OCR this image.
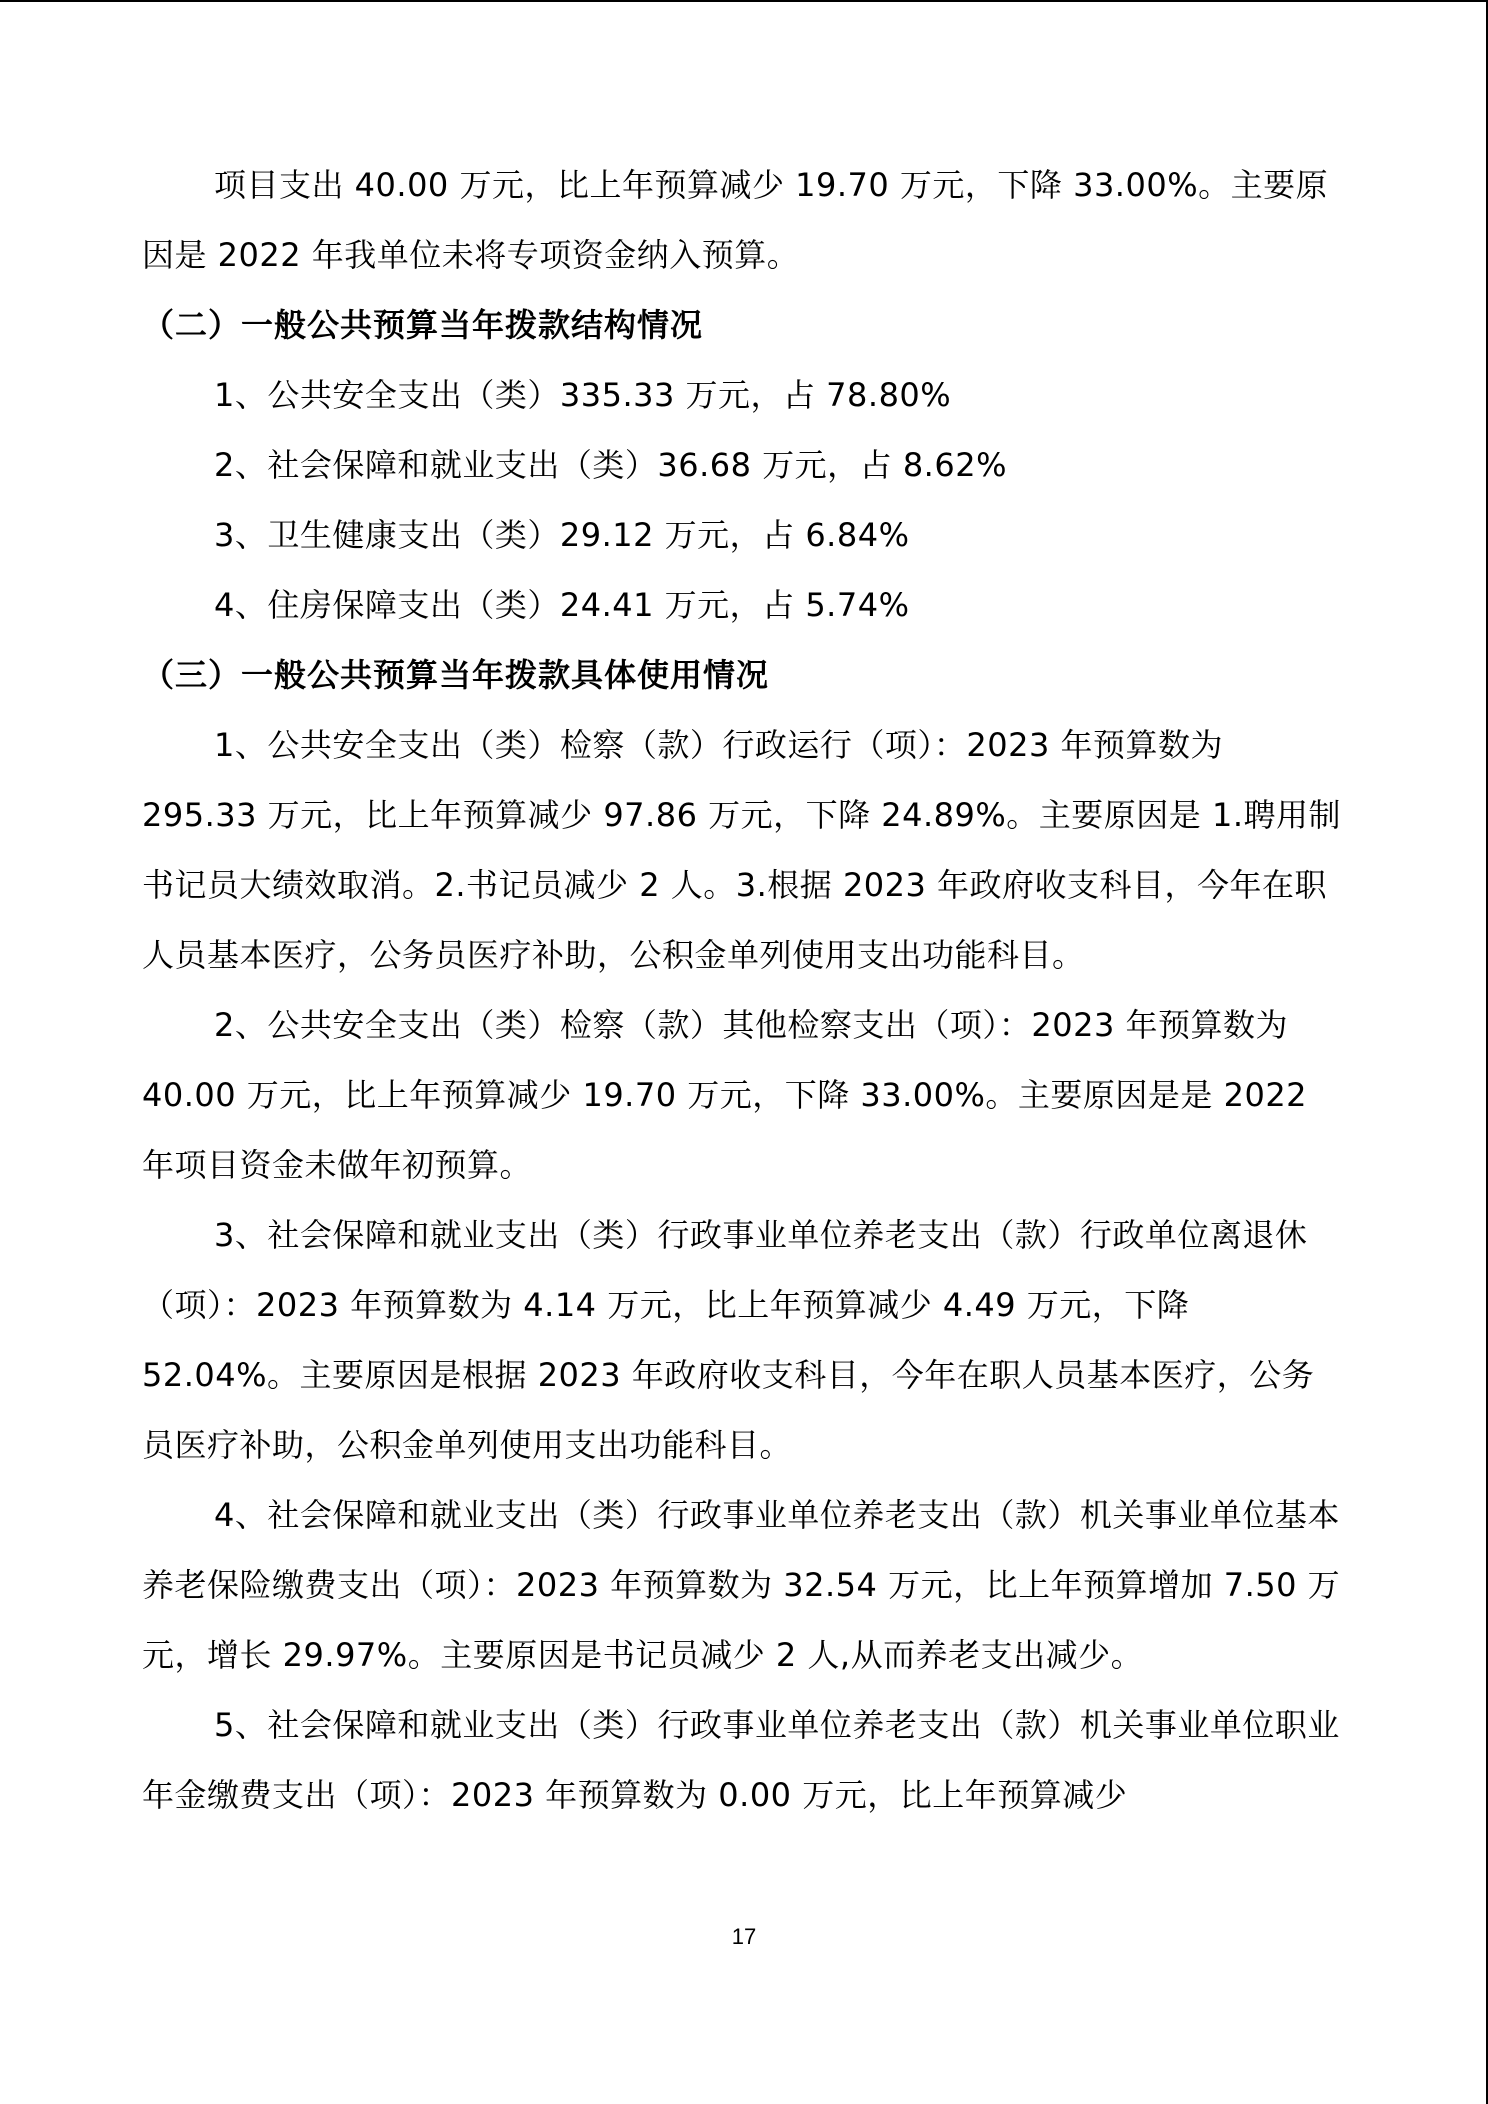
项目支出 40.00 万元，比上年预算减少 19.70 万元，下降 33.00%。主要原因是 2022 年我单位未将专项资金纳入预算。

（二）一般公共预算当年拨款结构情况

1、公共安全支出（类）335.33 万元，占 78.80%

2、社会保障和就业支出（类）36.68 万元，占 8.62%

3、卫生健康支出（类）29.12 万元，占 6.84%

4、住房保障支出（类）24.41 万元，占 5.74%

（三）一般公共预算当年拨款具体使用情况

1、公共安全支出（类）检察（款）行政运行（项）：2023 年预算数为 295.33 万元，比上年预算减少 97.86 万元，下降 24.89%。主要原因是 1.聘用制书记员大绩效取消。2.书记员减少 2 人。3.根据 2023 年政府收支科目，今年在职人员基本医疗，公务员医疗补助，公积金单列使用支出功能科目。

2、公共安全支出（类）检察（款）其他检察支出（项）：2023 年预算数为 40.00 万元，比上年预算减少 19.70 万元，下降 33.00%。主要原因是是 2022 年项目资金未做年初预算。

3、社会保障和就业支出（类）行政事业单位养老支出（款）行政单位离退休（项）：2023 年预算数为 4.14 万元，比上年预算减少 4.49 万元，下降 52.04%。主要原因是根据 2023 年政府收支科目，今年在职人员基本医疗，公务员医疗补助，公积金单列使用支出功能科目。

4、社会保障和就业支出（类）行政事业单位养老支出（款）机关事业单位基本养老保险缴费支出（项）：2023 年预算数为 32.54 万元，比上年预算增加 7.50 万元，增长 29.97%。主要原因是书记员减少 2 人,从而养老支出减少。

5、社会保障和就业支出（类）行政事业单位养老支出（款）机关事业单位职业年金缴费支出（项）：2023 年预算数为 0.00 万元，比上年预算减少

17
